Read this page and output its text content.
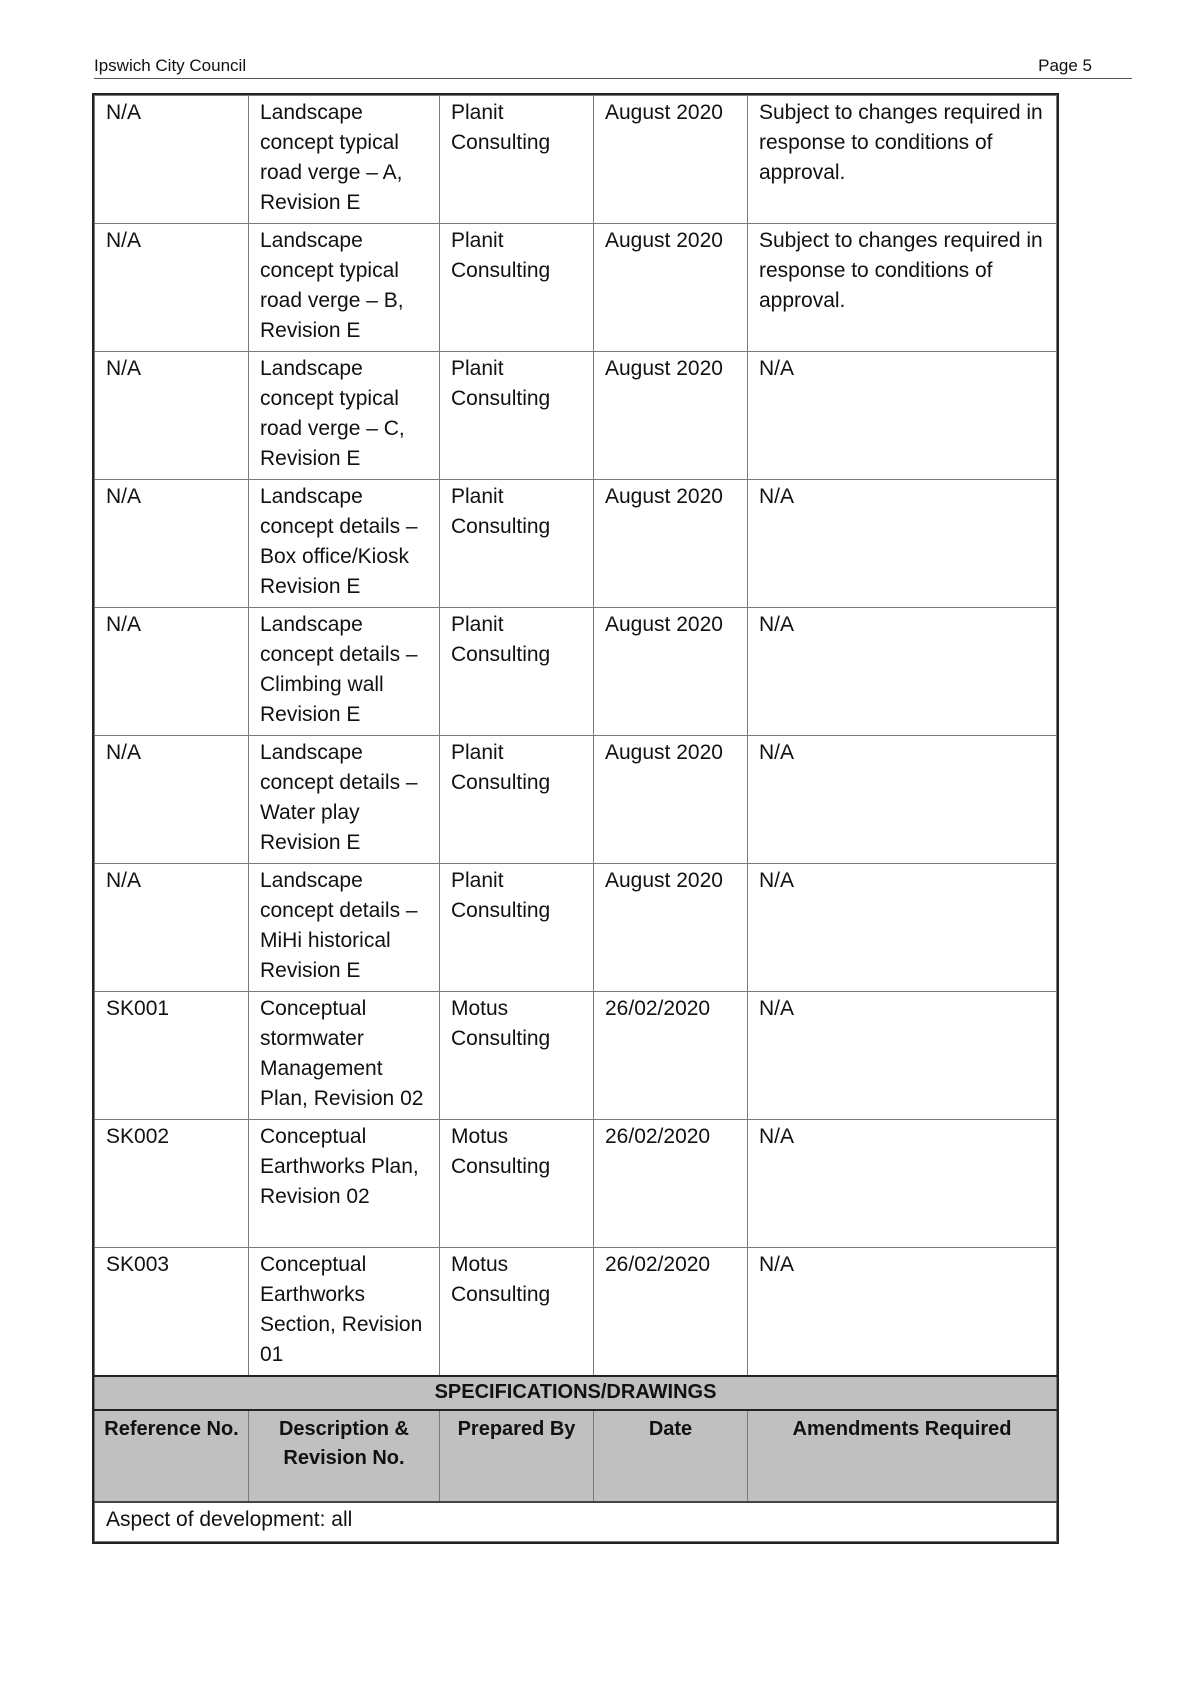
Ipswich City Council	Page 5
N/A	Landscape concept typical road verge – A, Revision E	Planit Consulting	August 2020	Subject to changes required in response to conditions of approval.
N/A	Landscape concept typical road verge – B, Revision E	Planit Consulting	August 2020	Subject to changes required in response to conditions of approval.
N/A	Landscape concept typical road verge – C, Revision E	Planit Consulting	August 2020	N/A
N/A	Landscape concept details – Box office/Kiosk Revision E	Planit Consulting	August 2020	N/A
N/A	Landscape concept details – Climbing wall Revision E	Planit Consulting	August 2020	N/A
N/A	Landscape concept details – Water play Revision E	Planit Consulting	August 2020	N/A
N/A	Landscape concept details – MiHi historical Revision E	Planit Consulting	August 2020	N/A
SK001	Conceptual stormwater Management Plan, Revision 02	Motus Consulting	26/02/2020	N/A
SK002	Conceptual Earthworks Plan, Revision 02	Motus Consulting	26/02/2020	N/A
SK003	Conceptual Earthworks Section, Revision 01	Motus Consulting	26/02/2020	N/A
SPECIFICATIONS/DRAWINGS				
Reference No.	Description & Revision No.	Prepared By	Date	Amendments Required
Aspect of development: all				
